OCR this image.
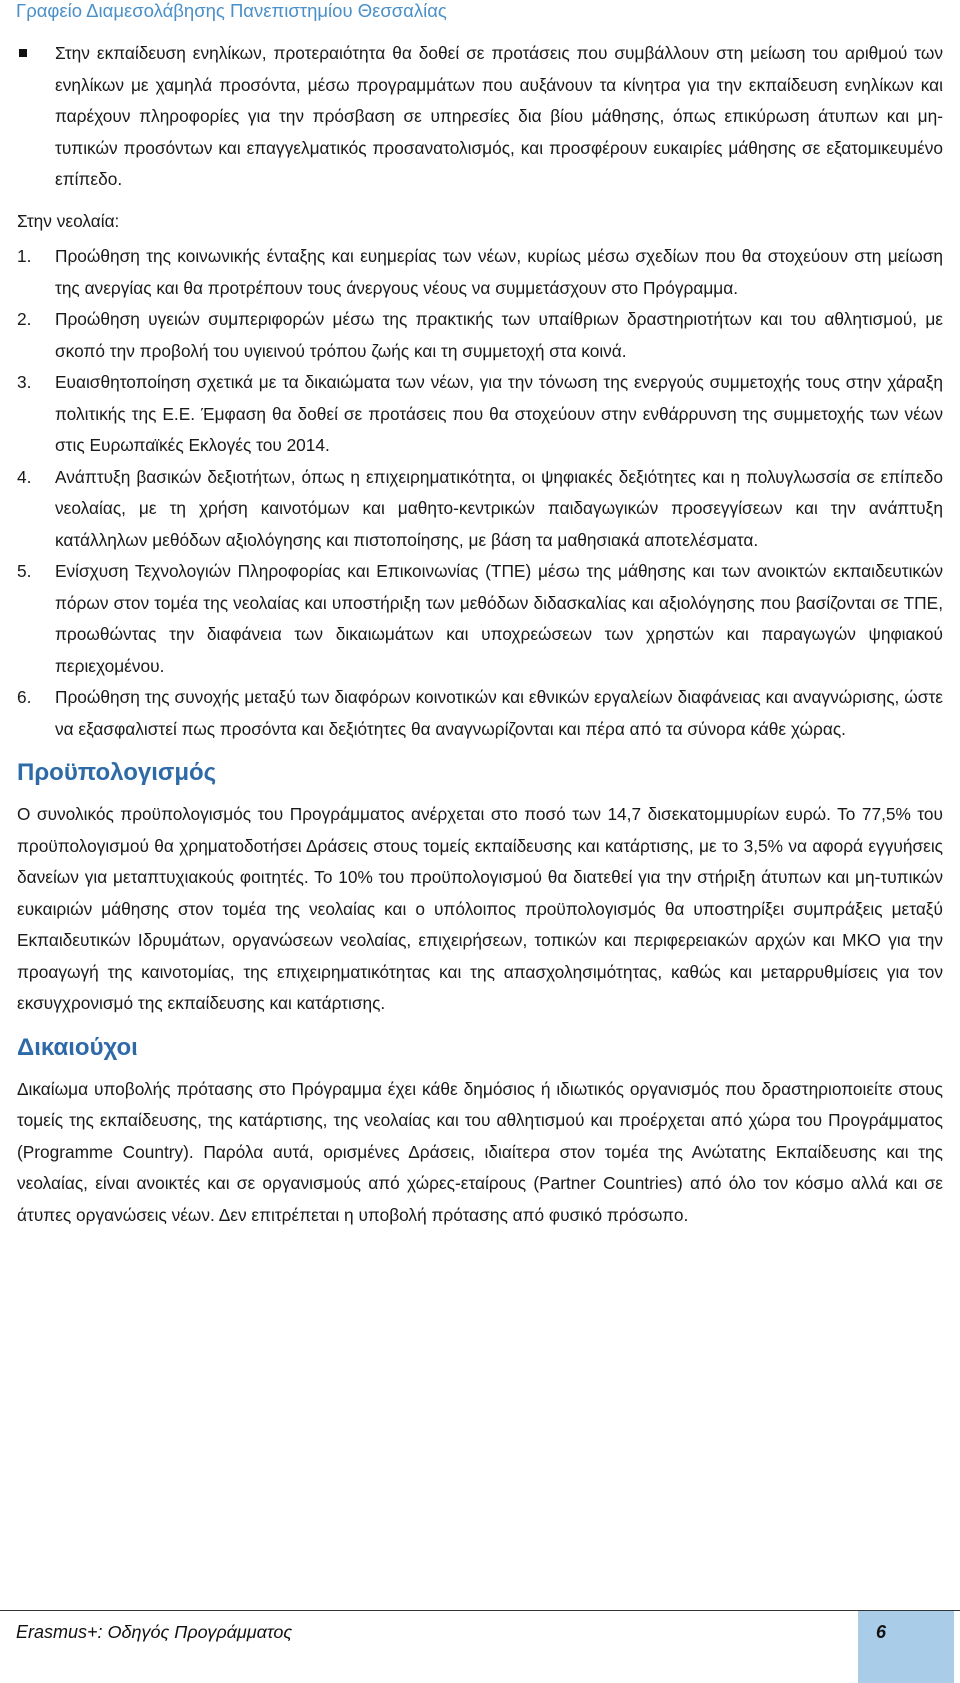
Γραφείο Διαμεσολάβησης Πανεπιστημίου Θεσσαλίας
Στην εκπαίδευση ενηλίκων, προτεραιότητα θα δοθεί σε προτάσεις που συμβάλλουν στη μείωση του αριθμού των ενηλίκων με χαμηλά προσόντα, μέσω προγραμμάτων που αυξάνουν τα κίνητρα για την εκπαίδευση ενηλίκων και παρέχουν πληροφορίες για την πρόσβαση σε υπηρεσίες δια βίου μάθησης, όπως επικύρωση άτυπων και μη-τυπικών προσόντων και επαγγελματικός προσανατολισμός, και προσφέρουν ευκαιρίες μάθησης σε εξατομικευμένο επίπεδο.

Στην νεολαία:

1. Προώθηση της κοινωνικής ένταξης και ευημερίας των νέων, κυρίως μέσω σχεδίων που θα στοχεύουν στη μείωση της ανεργίας και θα προτρέπουν τους άνεργους νέους να συμμετάσχουν στο Πρόγραμμα.
2. Προώθηση υγειών συμπεριφορών μέσω της πρακτικής των υπαίθριων δραστηριοτήτων και του αθλητισμού, με σκοπό την προβολή του υγιεινού τρόπου ζωής και τη συμμετοχή στα κοινά.
3. Ευαισθητοποίηση σχετικά με τα δικαιώματα των νέων, για την τόνωση της ενεργούς συμμετοχής τους στην χάραξη πολιτικής της Ε.Ε. Έμφαση θα δοθεί σε προτάσεις που θα στοχεύουν στην ενθάρρυνση της συμμετοχής των νέων στις Ευρωπαϊκές Εκλογές του 2014.
4. Ανάπτυξη βασικών δεξιοτήτων, όπως η επιχειρηματικότητα, οι ψηφιακές δεξιότητες και η πολυγλωσσία σε επίπεδο νεολαίας, με τη χρήση καινοτόμων και μαθητο-κεντρικών παιδαγωγικών προσεγγίσεων και την ανάπτυξη κατάλληλων μεθόδων αξιολόγησης και πιστοποίησης, με βάση τα μαθησιακά αποτελέσματα.
5. Ενίσχυση Τεχνολογιών Πληροφορίας και Επικοινωνίας (ΤΠΕ) μέσω της μάθησης και των ανοικτών εκπαιδευτικών πόρων στον τομέα της νεολαίας και υποστήριξη των μεθόδων διδασκαλίας και αξιολόγησης που βασίζονται σε ΤΠΕ, προωθώντας την διαφάνεια των δικαιωμάτων και υποχρεώσεων των χρηστών και παραγωγών ψηφιακού περιεχομένου.
6. Προώθηση της συνοχής μεταξύ των διαφόρων κοινοτικών και εθνικών εργαλείων διαφάνειας και αναγνώρισης, ώστε να εξασφαλιστεί πως προσόντα και δεξιότητες θα αναγνωρίζονται και πέρα από τα σύνορα κάθε χώρας.
Προϋπολογισμός

Ο συνολικός προϋπολογισμός του Προγράμματος ανέρχεται στο ποσό των 14,7 δισεκατομμυρίων ευρώ. Το 77,5% του προϋπολογισμού θα χρηματοδοτήσει Δράσεις στους τομείς εκπαίδευσης και κατάρτισης, με το 3,5% να αφορά εγγυήσεις δανείων για μεταπτυχιακούς φοιτητές. Το 10% του προϋπολογισμού θα διατεθεί για την στήριξη άτυπων και μη-τυπικών ευκαιριών μάθησης στον τομέα της νεολαίας και ο υπόλοιπος προϋπολογισμός θα υποστηρίξει συμπράξεις μεταξύ Εκπαιδευτικών Ιδρυμάτων, οργανώσεων νεολαίας, επιχειρήσεων, τοπικών και περιφερειακών αρχών και ΜΚΟ για την προαγωγή της καινοτομίας, της επιχειρηματικότητας και της απασχολησιμότητας, καθώς και μεταρρυθμίσεις για τον εκσυγχρονισμό της εκπαίδευσης και κατάρτισης.

Δικαιούχοι

Δικαίωμα υποβολής πρότασης στο Πρόγραμμα έχει κάθε δημόσιος ή ιδιωτικός οργανισμός που δραστηριοποιείτε στους τομείς της εκπαίδευσης, της κατάρτισης, της νεολαίας και του αθλητισμού και προέρχεται από χώρα του Προγράμματος (Programme Country). Παρόλα αυτά, ορισμένες Δράσεις, ιδιαίτερα στον τομέα της Ανώτατης Εκπαίδευσης και της νεολαίας, είναι ανοικτές και σε οργανισμούς από χώρες-εταίρους (Partner Countries) από όλο τον κόσμο αλλά και σε άτυπες οργανώσεις νέων. Δεν επιτρέπεται η υποβολή πρότασης από φυσικό πρόσωπο.

Erasmus+: Οδηγός Προγράμματος	6
